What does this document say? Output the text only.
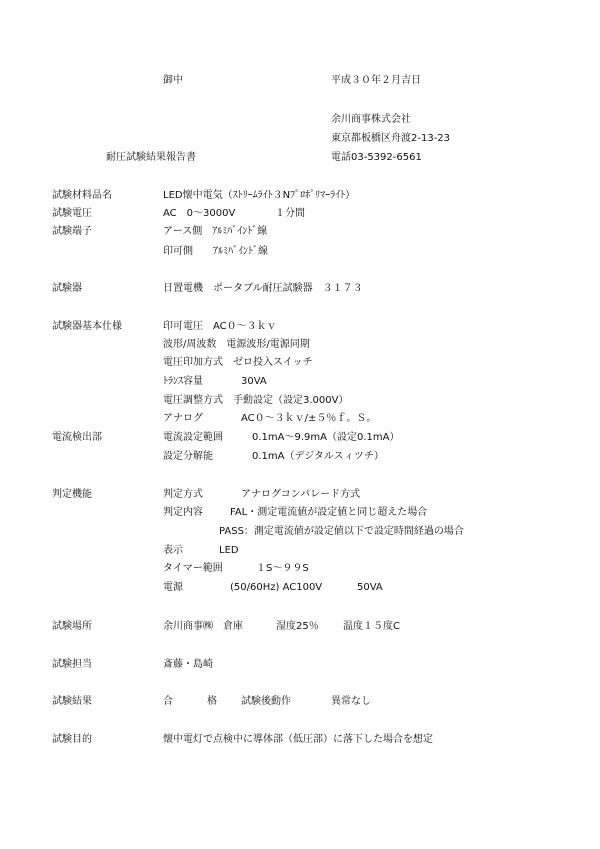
御中	平成３０年２月吉日
余川商事株式会社
東京都板橋区舟渡2-13-23
耐圧試験結果報告書	電話03-5392-6561
試験材料品名	LED懐中電気（ｽﾄﾘｰﾑﾗｲﾄ３Nﾌﾟﾛﾎﾟﾘﾏｰﾗｲﾄ）
試験電圧	AC　0～3000V	１分間
試験端子	アース側　ｱﾙﾐﾊﾞｲﾝﾄﾞ線
印可側　　ｱﾙﾐﾊﾞｲﾝﾄﾞ線
試験器	日置電機　ポータブル耐圧試験器　３１７３
試験器基本仕様	印可電圧　AC０～３ｋｖ
波形/周波数　電源波形/電源同期
電圧印加方式　ゼロ投入スイッチ
ﾄﾗﾝｽ容量	30VA
電圧調整方式　手動設定（設定3.000V）
アナログ	AC０～３ｋｖ/±５％ｆ。Ｓ。
電流検出部	電流設定範囲	0.1mA～9.9mA（設定0.1mA）
設定分解能	0.1mA（デジタルスィツチ）
判定機能	判定方式	アナログコンパレード方式
判定内容	FAL・測定電流値が設定値と同じ超えた場合
PASS：測定電流値が設定値以下で設定時間経過の場合
表示	LED
タイマー範囲	１S～９９S
電源	(50/60Hz) AC100V	50VA
試験場所	余川商事㈱　倉庫	湿度25％ 温度１５度C
試験担当	斎藤・島崎
試験結果	合	格 試験後動作	異常なし
試験目的	懐中電灯で点検中に導体部（低圧部）に落下した場合を想定
